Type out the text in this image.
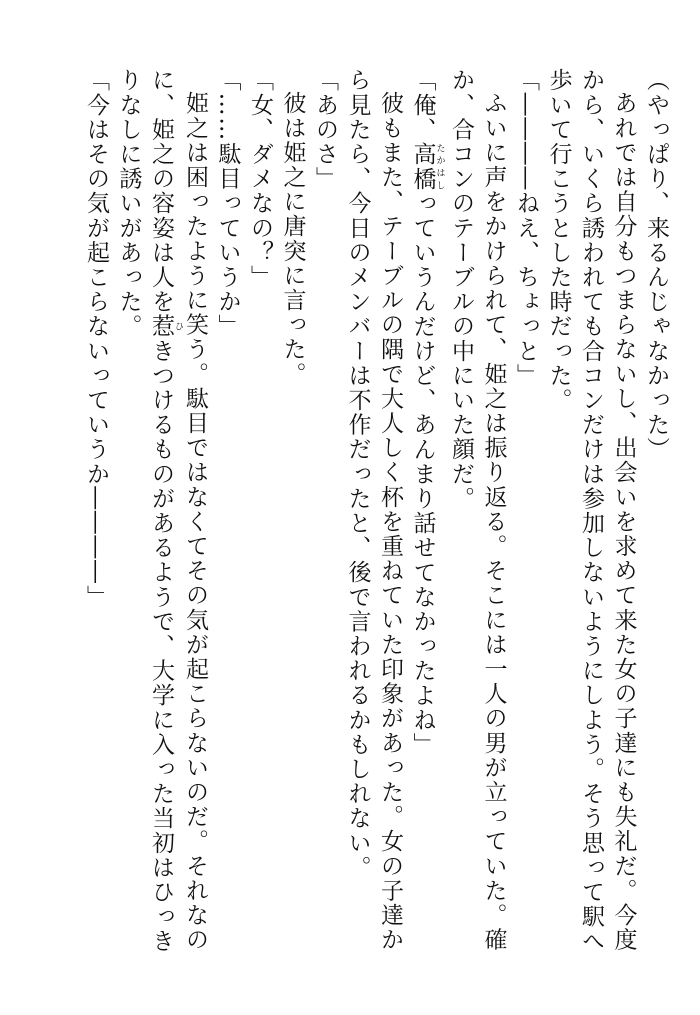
（やっぱり、来るんじゃなかった）

あれでは自分もつまらないし、出会いを求めて来た女の子達にも失礼だ。今度から、いくら誘われても合コンだけは参加しないようにしよう。そう思って駅へ歩いて行こうとした時だった。

「――――ねえ、ちょっと」

ふいに声をかけられて、姫之は振り返る。そこには一人の男が立っていた。確か、合コンのテーブルの中にいた顔だ。

「俺、高橋 たかはしっていうんだけど、あんまり話せてなかったよね」

彼もまた、テーブルの隅で大人しく杯を重ねていた印象があった。女の子達から見たら、今日のメンバーは不作だったと、後で言われるかもしれない。

「あのさ」

彼は姫之に唐突に言った。

「女、ダメなの？」

「……駄目っていうか」

姫之は困ったように笑う。駄目ではなくてその気が起こらないのだ。それなのに、姫之の容姿は人を惹 ひきつけるものがあるようで、大学に入った当初はひっきりなしに誘いがあった。

「今はその気が起こらないっていうか――――」
